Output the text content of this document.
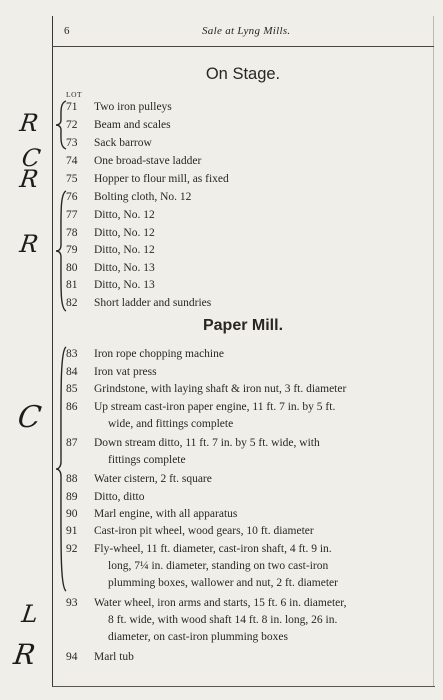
6	Sale at Lyng Mills.
On Stage.
LOT
71	Two iron pulleys
72	Beam and scales
73	Sack barrow
74	One broad-stave ladder
75	Hopper to flour mill, as fixed
76	Bolting cloth, No. 12
77	Ditto, No. 12
78	Ditto, No. 12
79	Ditto, No. 12
80	Ditto, No. 13
81	Ditto, No. 13
82	Short ladder and sundries
Paper Mill.
83	Iron rope chopping machine
84	Iron vat press
85	Grindstone, with laying shaft & iron nut, 3 ft. diameter
86	Up stream cast-iron paper engine, 11 ft. 7 in. by 5 ft.
wide, and fittings complete
87	Down stream ditto, 11 ft. 7 in. by 5 ft. wide, with
fittings complete
88	Water cistern, 2 ft. square
89	Ditto, ditto
90	Marl engine, with all apparatus
91	Cast-iron pit wheel, wood gears, 10 ft. diameter
92	Fly-wheel, 11 ft. diameter, cast-iron shaft, 4 ft. 9 in.
long, 7¼ in. diameter, standing on two cast-iron
plumming boxes, wallower and nut, 2 ft. diameter
93	Water wheel, iron arms and starts, 15 ft. 6 in. diameter,
8 ft. wide, with wood shaft 14 ft. 8 in. long, 26 in.
diameter, on cast-iron plumming boxes
94	Marl tub
R
C
R
R
C
L
R
